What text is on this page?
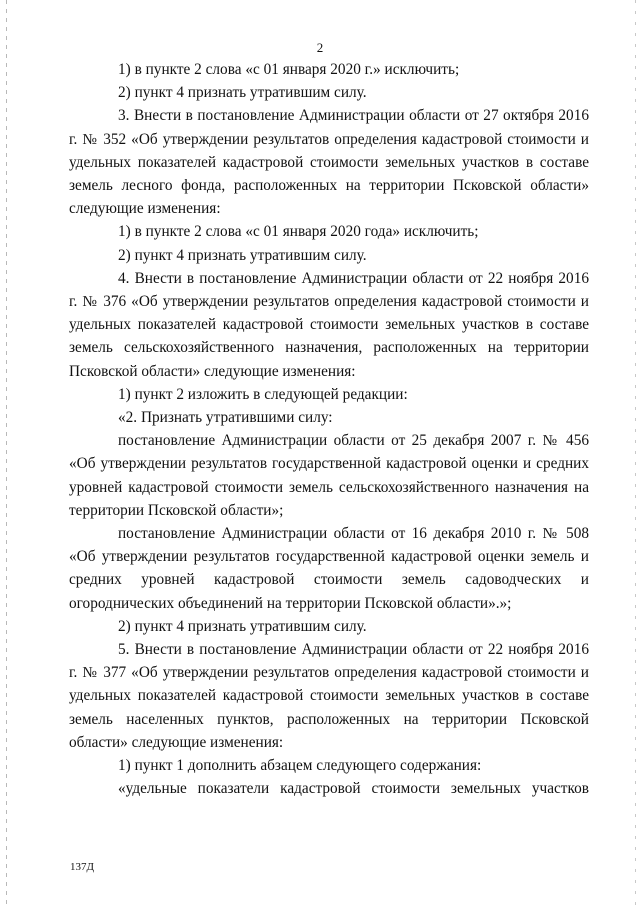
2

1) в пункте 2 слова «с 01 января 2020 г.» исключить;

2) пункт 4 признать утратившим силу.

3. Внести в постановление Администрации области от 27 октября 2016 г. № 352 «Об утверждении результатов определения кадастровой стоимости и удельных показателей кадастровой стоимости земельных участков в составе земель лесного фонда, расположенных на территории Псковской области» следующие изменения:

1) в пункте 2 слова «с 01 января 2020 года» исключить;

2) пункт 4 признать утратившим силу.

4. Внести в постановление Администрации области от 22 ноября 2016 г. № 376 «Об утверждении результатов определения кадастровой стоимости и удельных показателей кадастровой стоимости земельных участков в составе земель сельскохозяйственного назначения, расположенных на территории Псковской области» следующие изменения:

1) пункт 2 изложить в следующей редакции:

«2. Признать утратившими силу:

постановление Администрации области от 25 декабря 2007 г. № 456 «Об утверждении результатов государственной кадастровой оценки и средних уровней кадастровой стоимости земель сельскохозяйственного назначения на территории Псковской области»;

постановление Администрации области от 16 декабря 2010 г. № 508 «Об утверждении результатов государственной кадастровой оценки земель и средних уровней кадастровой стоимости земель садоводческих и огороднических объединений на территории Псковской области».»;

2) пункт 4 признать утратившим силу.

5. Внести в постановление Администрации области от 22 ноября 2016 г. № 377 «Об утверждении результатов определения кадастровой стоимости и удельных показателей кадастровой стоимости земельных участков в составе земель населенных пунктов, расположенных на территории Псковской области» следующие изменения:

1) пункт 1 дополнить абзацем следующего содержания:

«удельные показатели кадастровой стоимости земельных участков

137Д
